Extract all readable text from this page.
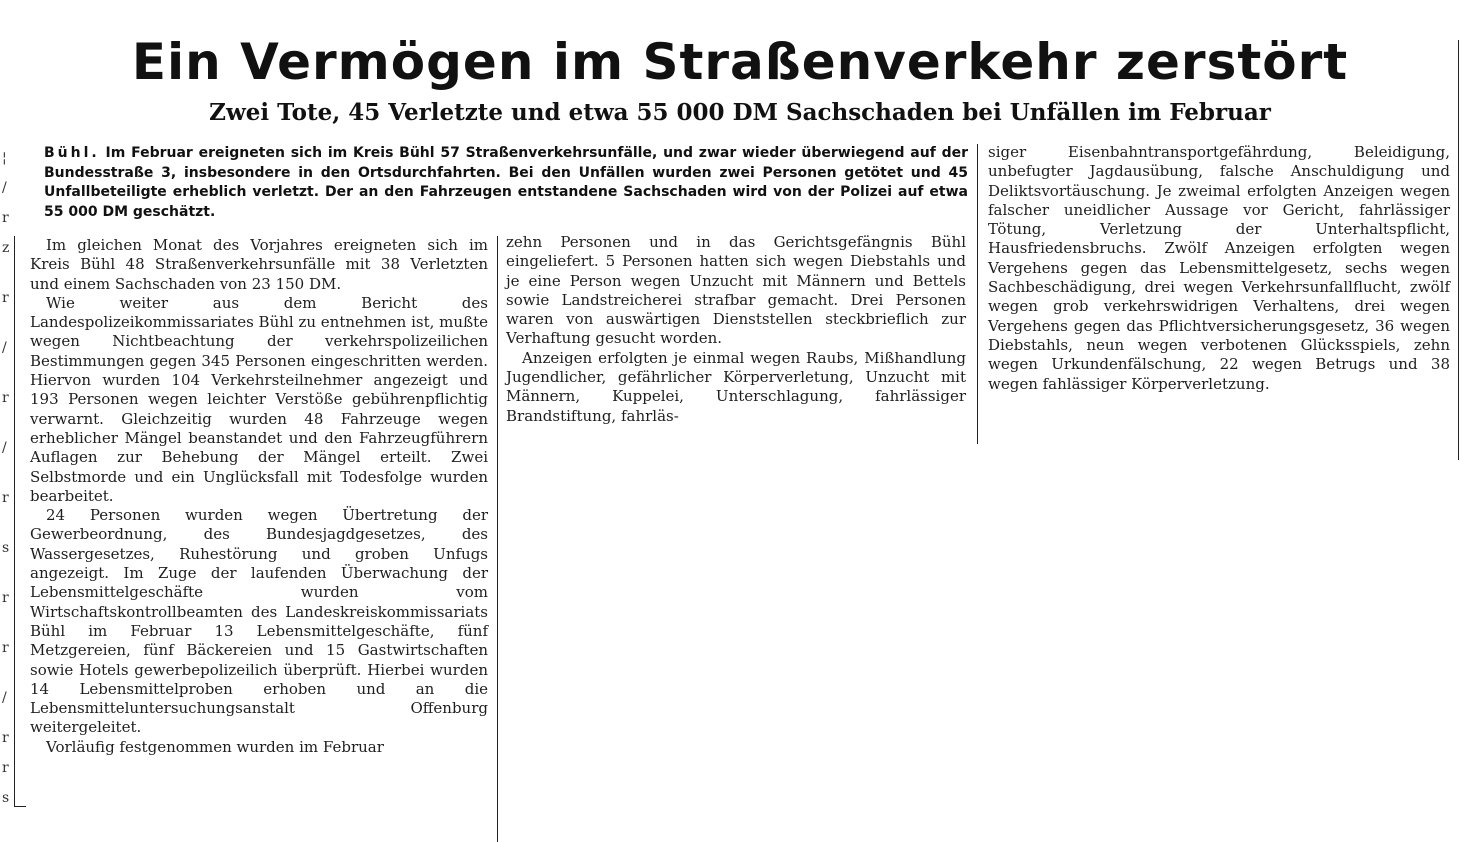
¦
/
r
z
r
/
r
/
r
s
r
r
/
r
r
s
Ein Vermögen im Straßenverkehr zerstört
Zwei Tote, 45 Verletzte und etwa 55 000 DM Sachschaden bei Unfällen im Februar
Bühl. Im Februar ereigneten sich im Kreis Bühl 57 Straßenverkehrsunfälle, und zwar wieder überwiegend auf der Bundesstraße 3, insbesondere in den Ortsdurchfahrten. Bei den Unfällen wurden zwei Personen getötet und 45 Unfallbeteiligte erheblich verletzt. Der an den Fahrzeugen entstandene Sachschaden wird von der Polizei auf etwa 55 000 DM geschätzt.

Im gleichen Monat des Vorjahres ereigneten sich im Kreis Bühl 48 Straßenverkehrsunfälle mit 38 Verletzten und einem Sachschaden von 23 150 DM.

Wie weiter aus dem Bericht des Landespolizeikommissariates Bühl zu entnehmen ist, mußte wegen Nichtbeachtung der verkehrspolizeilichen Bestimmungen gegen 345 Personen eingeschritten werden. Hiervon wurden 104 Verkehrsteilnehmer angezeigt und 193 Personen wegen leichter Verstöße gebührenpflichtig verwarnt. Gleichzeitig wurden 48 Fahrzeuge wegen erheblicher Mängel beanstandet und den Fahrzeugführern Auflagen zur Behebung der Mängel erteilt. Zwei Selbstmorde und ein Unglücksfall mit Todesfolge wurden bearbeitet.

24 Personen wurden wegen Übertretung der Gewerbeordnung, des Bundesjagdgesetzes, des Wassergesetzes, Ruhestörung und groben Unfugs angezeigt. Im Zuge der laufenden Überwachung der Lebensmittelgeschäfte wurden vom Wirtschaftskontrollbeamten des Landeskreiskommissariats Bühl im Februar 13 Lebensmittelgeschäfte, fünf Metzgereien, fünf Bäckereien und 15 Gastwirtschaften sowie Hotels gewerbepolizeilich überprüft. Hierbei wurden 14 Lebensmittelproben erhoben und an die Lebensmitteluntersuchungsanstalt Offenburg weitergeleitet.

Vorläufig festgenommen wurden im Februar

zehn Personen und in das Gerichtsgefängnis Bühl eingeliefert. 5 Personen hatten sich wegen Diebstahls und je eine Person wegen Unzucht mit Männern und Bettels sowie Landstreicherei strafbar gemacht. Drei Personen waren von auswärtigen Dienststellen steckbrieflich zur Verhaftung gesucht worden.

Anzeigen erfolgten je einmal wegen Raubs, Mißhandlung Jugendlicher, gefährlicher Körperverletung, Unzucht mit Männern, Kuppelei, Unterschlagung, fahrlässiger Brandstiftung, fahrläs-

siger Eisenbahntransportgefährdung, Beleidigung, unbefugter Jagdausübung, falsche Anschuldigung und Deliktsvortäuschung. Je zweimal erfolgten Anzeigen wegen falscher uneidlicher Aussage vor Gericht, fahrlässiger Tötung, Verletzung der Unterhaltspflicht, Hausfriedensbruchs. Zwölf Anzeigen erfolgten wegen Vergehens gegen das Lebensmittelgesetz, sechs wegen Sachbeschädigung, drei wegen Verkehrsunfallflucht, zwölf wegen grob verkehrswidrigen Verhaltens, drei wegen Vergehens gegen das Pflichtversicherungsgesetz, 36 wegen Diebstahls, neun wegen verbotenen Glücksspiels, zehn wegen Urkundenfälschung, 22 wegen Betrugs und 38 wegen fahlässiger Körperverletzung.
